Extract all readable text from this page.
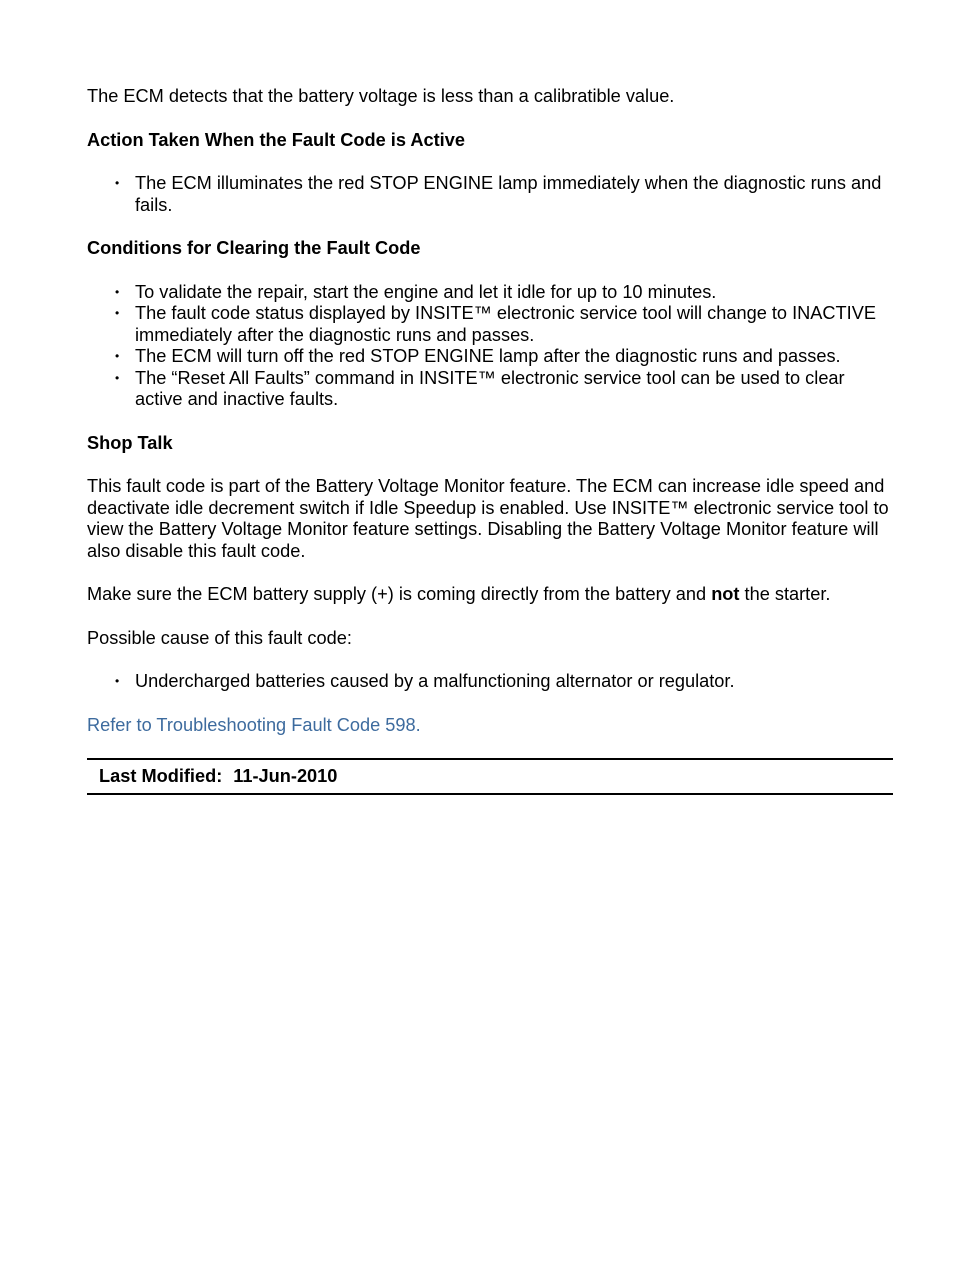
The ECM detects that the battery voltage is less than a calibratible value.

Action Taken When the Fault Code is Active
• The ECM illuminates the red STOP ENGINE lamp immediately when the diagnostic runs and fails.
Conditions for Clearing the Fault Code
• To validate the repair, start the engine and let it idle for up to 10 minutes.
• The fault code status displayed by INSITE™ electronic service tool will change to INACTIVE immediately after the diagnostic runs and passes.
• The ECM will turn off the red STOP ENGINE lamp after the diagnostic runs and passes.
• The “Reset All Faults” command in INSITE™ electronic service tool can be used to clear active and inactive faults.
Shop Talk

This fault code is part of the Battery Voltage Monitor feature. The ECM can increase idle speed and deactivate idle decrement switch if Idle Speedup is enabled. Use INSITE™ electronic service tool to view the Battery Voltage Monitor feature settings. Disabling the Battery Voltage Monitor feature will also disable this fault code.

Make sure the ECM battery supply (+) is coming directly from the battery and not the starter.

Possible cause of this fault code:

• Undercharged batteries caused by a malfunctioning alternator or regulator.

Refer to Troubleshooting Fault Code 598.

Last Modified: 11-Jun-2010
